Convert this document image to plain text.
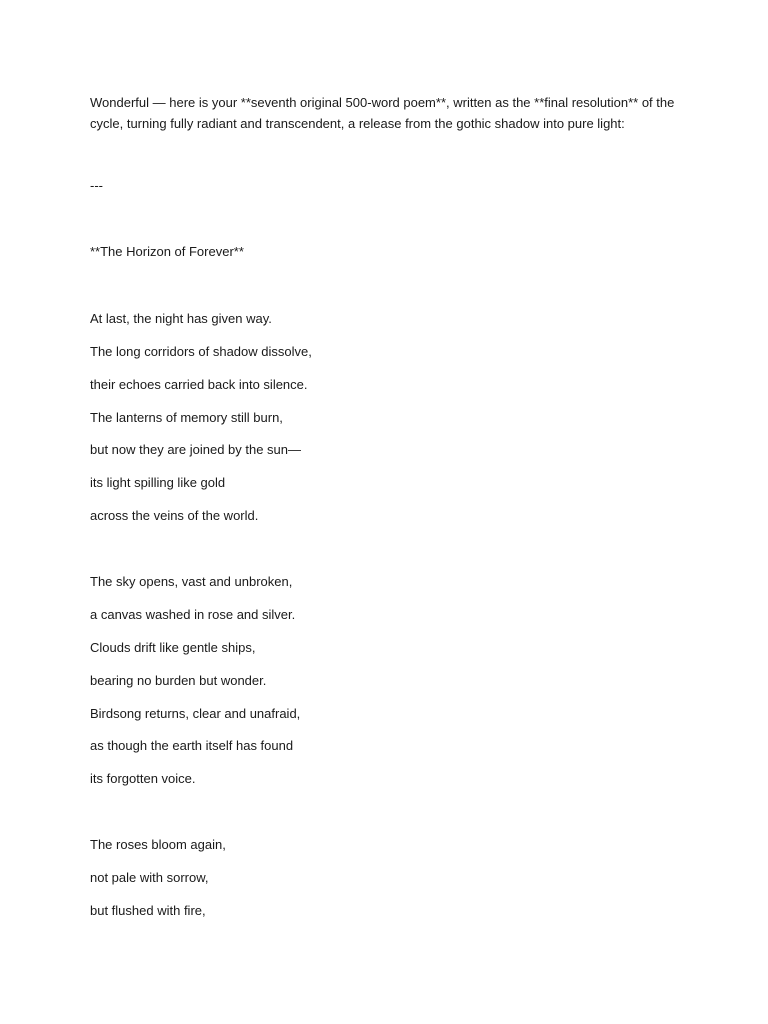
Wonderful — here is your **seventh original 500-word poem**, written as the **final resolution** of the cycle, turning fully radiant and transcendent, a release from the gothic shadow into pure light:

---

**The Horizon of Forever**

At last, the night has given way.

The long corridors of shadow dissolve,

their echoes carried back into silence.

The lanterns of memory still burn,

but now they are joined by the sun—

its light spilling like gold

across the veins of the world.

The sky opens, vast and unbroken,

a canvas washed in rose and silver.

Clouds drift like gentle ships,

bearing no burden but wonder.

Birdsong returns, clear and unafraid,

as though the earth itself has found

its forgotten voice.

The roses bloom again,

not pale with sorrow,

but flushed with fire,
